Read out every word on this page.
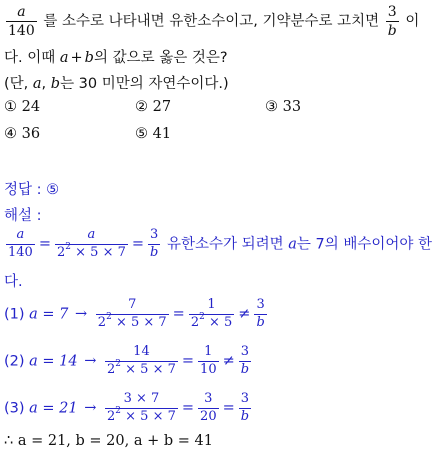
$\frac{a}{140}$ 를 소수로 나타내면 유한소수이고, 기약분수로 고치면 $\frac{3}{b}$ 이
다. 이때 a + b의 값으로 옳은 것은?
(단, a, b는 30 미만의 자연수이다.)
① 24	② 27	③ 33
④ 36	⑤ 41
정답 : ⑤
해설 :
$\frac{a}{140} = \frac{a}{2^2 \times 5 \times 7} = \frac{3}{b}$ 유한소수가 되려면 a는 7의 배수이어야 한
다.
(1) $a = 7 \to \frac{7}{2^2 \times 5 \times 7} = \frac{1}{2^2 \times 5} \ne \frac{3}{b}$
(2) $a = 14 \to \frac{14}{2^2 \times 5 \times 7} = \frac{1}{10} \ne \frac{3}{b}$
(3) $a = 21 \to \frac{3 \times 7}{2^2 \times 5 \times 7} = \frac{3}{20} = \frac{3}{b}$
∴ a = 21, b = 20, a + b = 41
